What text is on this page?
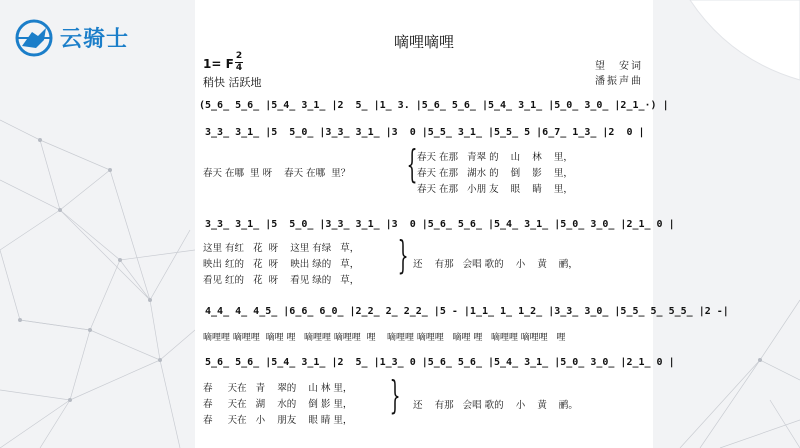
云骑士	嘀哩嘀哩
1= F
2
4
稍快 活跃地
望　安词
潘振声曲
(5̲6̲ 5̲6̲ |5̲4̲ 3̲1̲ |2  5̲ |1̲ 3. |5̲6̲ 5̲6̲ |5̲4̲ 3̲1̲ |5̲0̲ 3̲0̲ |2̲1̲·) |
3̲3̲ 3̲1̲ |5  5̲0̲ |3̲3̲ 3̲1̲ |3  0 |5̲5̲ 3̲1̲ |5̲5̲ 5 |6̲7̲ 1̲3̲ |2  0 |
春天 在哪  里 呀    春天 在哪  里？ { 春天 在那   青翠 的    山    林    里，
春天 在那   湖水 的    倒    影    里，
春天 在那   小朋 友    眼    睛    里，
3̲3̲ 3̲1̲ |5  5̲0̲ |3̲3̲ 3̲1̲ |3  0 |5̲6̲ 5̲6̲ |5̲4̲ 3̲1̲ |5̲0̲ 3̲0̲ |2̲1̲ 0 |
这里 有红   花  呀    这里 有绿   草，
映出 红的   花  呀    映出 绿的   草，
看见 红的   花  呀    看见 绿的   草，
} 还    有那   会唱 歌的    小    黄    鹂，
4̲4̲ 4̲ 4̲5̲ |6̲6̲ 6̲0̲ |2̲2̲ 2̲ 2̲2̲ |5 - |1̲1̲ 1̲ 1̲2̲ |3̲3̲ 3̲0̲ |5̲5̲ 5̲ 5̲5̲ |2 -|
嘀哩哩 嘀哩哩  嘀哩 哩   嘀哩哩 嘀哩哩  哩    嘀哩哩 嘀哩哩   嘀哩 哩   嘀哩哩 嘀哩哩   哩
5̲6̲ 5̲6̲ |5̲4̲ 3̲1̲ |2  5̲ |1̲3̲ 0 |5̲6̲ 5̲6̲ |5̲4̲ 3̲1̲ |5̲0̲ 3̲0̲ |2̲1̲ 0 |
春     天在   青    翠的    山 林 里，
春     天在   湖    水的    倒 影 里，
春     天在   小    朋友    眼 睛 里，
} 还    有那   会唱 歌的    小    黄    鹂。
